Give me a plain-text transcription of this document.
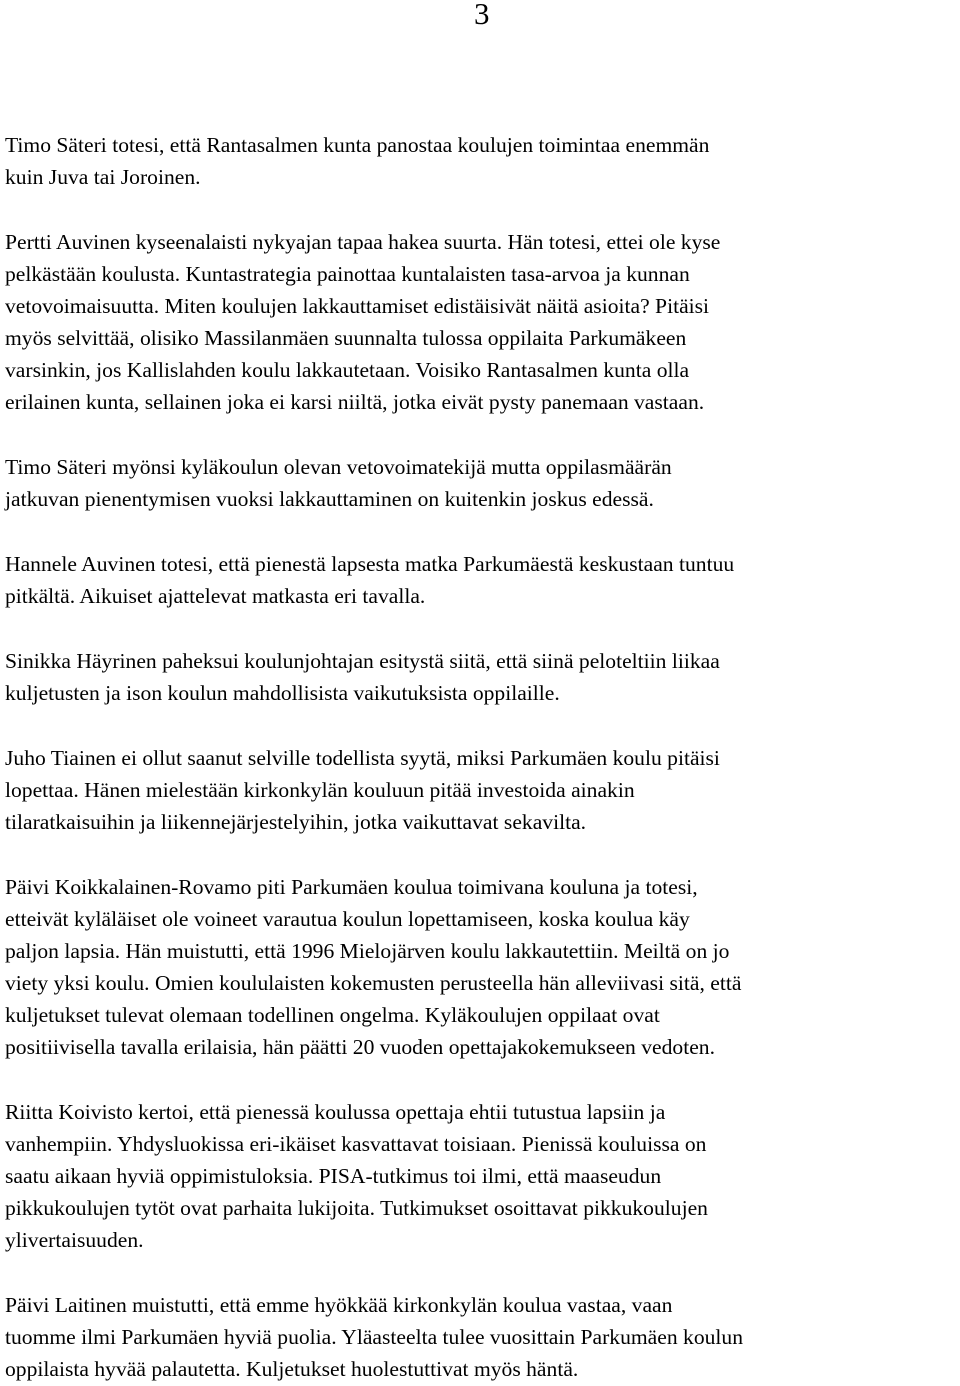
3

Timo Säteri totesi, että Rantasalmen kunta panostaa koulujen toimintaa enemmän
kuin Juva tai Joroinen.

Pertti Auvinen kyseenalaisti nykyajan tapaa hakea suurta. Hän totesi, ettei ole kyse
pelkästään koulusta. Kuntastrategia painottaa kuntalaisten tasa-arvoa ja kunnan
vetovoimaisuutta. Miten koulujen lakkauttamiset edistäisivät näitä asioita? Pitäisi
myös selvittää, olisiko Massilanmäen suunnalta tulossa oppilaita Parkumäkeen
varsinkin, jos Kallislahden koulu lakkautetaan. Voisiko Rantasalmen kunta olla
erilainen kunta, sellainen joka ei karsi niiltä, jotka eivät pysty panemaan vastaan.

Timo Säteri myönsi kyläkoulun olevan vetovoimatekijä mutta oppilasmäärän
jatkuvan pienentymisen vuoksi lakkauttaminen on kuitenkin joskus edessä.

Hannele Auvinen totesi, että pienestä lapsesta matka Parkumäestä keskustaan tuntuu
pitkältä. Aikuiset ajattelevat matkasta eri tavalla.

Sinikka Häyrinen paheksui koulunjohtajan esitystä siitä, että siinä peloteltiin liikaa
kuljetusten ja ison koulun mahdollisista vaikutuksista oppilaille.

Juho Tiainen ei ollut saanut selville todellista syytä, miksi Parkumäen koulu pitäisi
lopettaa. Hänen mielestään kirkonkylän kouluun pitää investoida ainakin
tilaratkaisuihin ja liikennejärjestelyihin, jotka vaikuttavat sekavilta.

Päivi Koikkalainen-Rovamo piti Parkumäen koulua toimivana kouluna ja totesi,
etteivät kyläläiset ole voineet varautua koulun lopettamiseen, koska koulua käy
paljon lapsia. Hän muistutti, että 1996 Mielojärven koulu lakkautettiin. Meiltä on jo
viety yksi koulu. Omien koululaisten kokemusten perusteella hän alleviivasi sitä, että
kuljetukset tulevat olemaan todellinen ongelma. Kyläkoulujen oppilaat ovat
positiivisella tavalla erilaisia, hän päätti 20 vuoden opettajakokemukseen vedoten.

Riitta Koivisto kertoi, että pienessä koulussa opettaja ehtii tutustua lapsiin ja
vanhempiin. Yhdysluokissa eri-ikäiset kasvattavat toisiaan. Pienissä kouluissa on
saatu aikaan hyviä oppimistuloksia. PISA-tutkimus toi ilmi, että maaseudun
pikkukoulujen tytöt ovat parhaita lukijoita. Tutkimukset osoittavat pikkukoulujen
ylivertaisuuden.

Päivi Laitinen muistutti, että emme hyökkää kirkonkylän koulua vastaa, vaan
tuomme ilmi Parkumäen hyviä puolia. Yläasteelta tulee vuosittain Parkumäen koulun
oppilaista hyvää palautetta. Kuljetukset huolestuttivat myös häntä.
